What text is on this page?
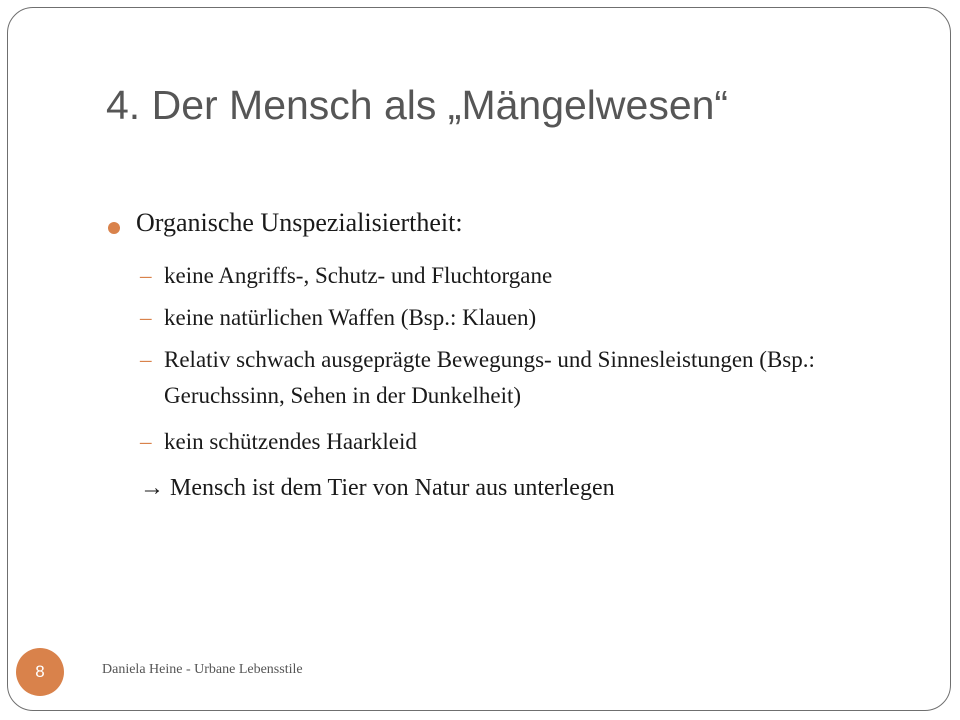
4. Der Mensch als „Mängelwesen“
Organische Unspezialisiertheit:
– keine Angriffs-, Schutz- und Fluchtorgane
– keine natürlichen Waffen (Bsp.: Klauen)
– Relativ schwach ausgeprägte Bewegungs- und Sinnesleistungen (Bsp.: Geruchssinn, Sehen in der Dunkelheit)
– kein schützendes Haarkleid
→ Mensch ist dem Tier von Natur aus unterlegen
8	Daniela Heine - Urbane Lebensstile
